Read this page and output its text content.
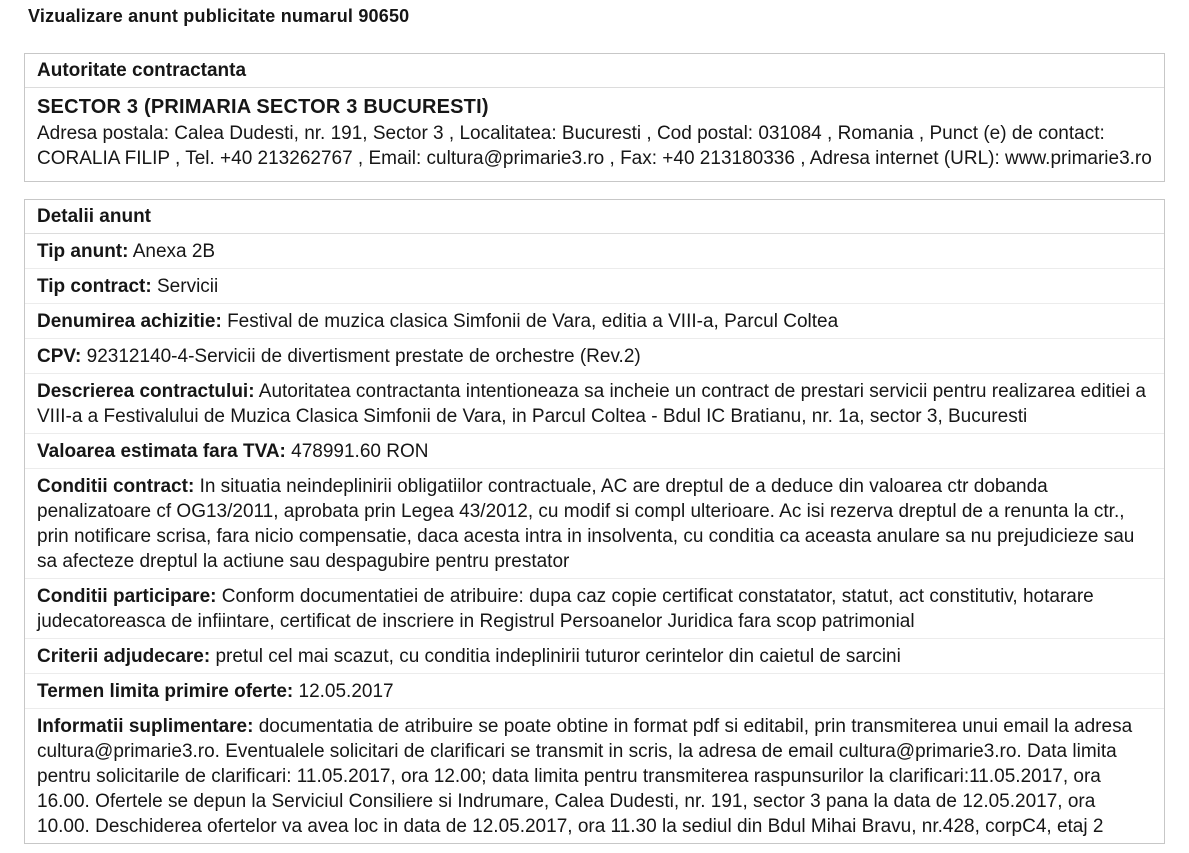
Vizualizare anunt publicitate numarul 90650
Autoritate contractanta
SECTOR 3 (PRIMARIA SECTOR 3 BUCURESTI)

Adresa postala: Calea Dudesti, nr. 191, Sector 3 , Localitatea: Bucuresti , Cod postal: 031084 , Romania , Punct (e) de contact: CORALIA FILIP , Tel. +40 213262767 , Email: cultura@primarie3.ro , Fax: +40 213180336 , Adresa internet (URL): www.primarie3.ro

Detalii anunt

Tip anunt: Anexa 2B

Tip contract: Servicii

Denumirea achizitie: Festival de muzica clasica Simfonii de Vara, editia a VIII-a, Parcul Coltea

CPV: 92312140-4-Servicii de divertisment prestate de orchestre (Rev.2)

Descrierea contractului: Autoritatea contractanta intentioneaza sa incheie un contract de prestari servicii pentru realizarea editiei a VIII-a a Festivalului de Muzica Clasica Simfonii de Vara, in Parcul Coltea - Bdul IC Bratianu, nr. 1a, sector 3, Bucuresti

Valoarea estimata fara TVA: 478991.60 RON

Conditii contract: In situatia neindeplinirii obligatiilor contractuale, AC are dreptul de a deduce din valoarea ctr dobanda penalizatoare cf OG13/2011, aprobata prin Legea 43/2012, cu modif si compl ulterioare. Ac isi rezerva dreptul de a renunta la ctr., prin notificare scrisa, fara nicio compensatie, daca acesta intra in insolventa, cu conditia ca aceasta anulare sa nu prejudicieze sau sa afecteze dreptul la actiune sau despagubire pentru prestator

Conditii participare: Conform documentatiei de atribuire: dupa caz copie certificat constatator, statut, act constitutiv, hotarare judecatoreasca de infiintare, certificat de inscriere in Registrul Persoanelor Juridica fara scop patrimonial

Criterii adjudecare: pretul cel mai scazut, cu conditia indeplinirii tuturor cerintelor din caietul de sarcini

Termen limita primire oferte: 12.05.2017

Informatii suplimentare: documentatia de atribuire se poate obtine in format pdf si editabil, prin transmiterea unui email la adresa cultura@primarie3.ro. Eventualele solicitari de clarificari se transmit in scris, la adresa de email cultura@primarie3.ro. Data limita pentru solicitarile de clarificari: 11.05.2017, ora 12.00; data limita pentru transmiterea raspunsurilor la clarificari:11.05.2017, ora 16.00. Ofertele se depun la Serviciul Consiliere si Indrumare, Calea Dudesti, nr. 191, sector 3 pana la data de 12.05.2017, ora 10.00. Deschiderea ofertelor va avea loc in data de 12.05.2017, ora 11.30 la sediul din Bdul Mihai Bravu, nr.428, corpC4, etaj 2
